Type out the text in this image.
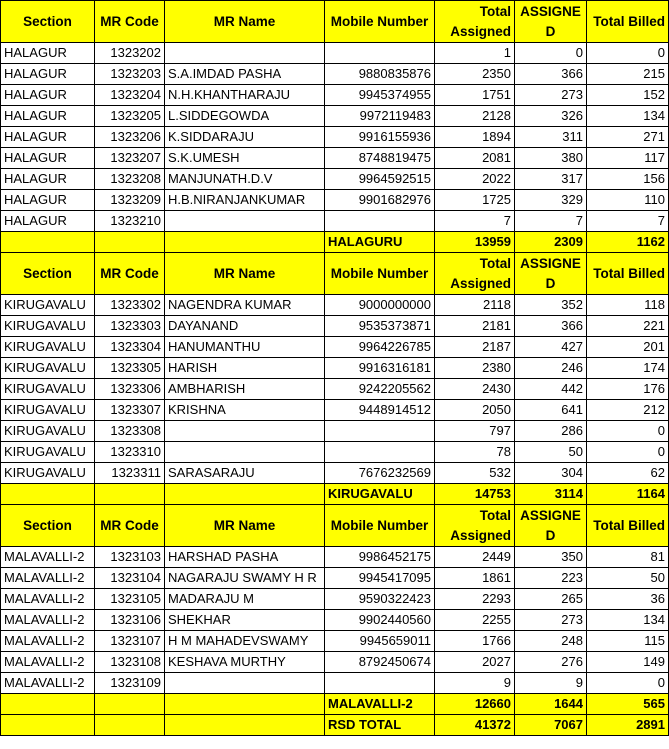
Section	MR Code	MR Name	Mobile Number	Total Assigned	ASSIGNED	Total Billed
HALAGUR	1323202			1	0	0
HALAGUR	1323203	S.A.IMDAD PASHA	9880835876	2350	366	215
HALAGUR	1323204	N.H.KHANTHARAJU	9945374955	1751	273	152
HALAGUR	1323205	L.SIDDEGOWDA	9972119483	2128	326	134
HALAGUR	1323206	K.SIDDARAJU	9916155936	1894	311	271
HALAGUR	1323207	S.K.UMESH	8748819475	2081	380	117
HALAGUR	1323208	MANJUNATH.D.V	9964592515	2022	317	156
HALAGUR	1323209	H.B.NIRANJANKUMAR	9901682976	1725	329	110
HALAGUR	1323210			7	7	7
			HALAGURU	13959	2309	1162
Section	MR Code	MR Name	Mobile Number	Total Assigned	ASSIGNED	Total Billed
KIRUGAVALU	1323302	NAGENDRA KUMAR	9000000000	2118	352	118
KIRUGAVALU	1323303	DAYANAND	9535373871	2181	366	221
KIRUGAVALU	1323304	HANUMANTHU	9964226785	2187	427	201
KIRUGAVALU	1323305	HARISH	9916316181	2380	246	174
KIRUGAVALU	1323306	AMBHARISH	9242205562	2430	442	176
KIRUGAVALU	1323307	KRISHNA	9448914512	2050	641	212
KIRUGAVALU	1323308			797	286	0
KIRUGAVALU	1323310			78	50	0
KIRUGAVALU	1323311	SARASARAJU	7676232569	532	304	62
			KIRUGAVALU	14753	3114	1164
Section	MR Code	MR Name	Mobile Number	Total Assigned	ASSIGNED	Total Billed
MALAVALLI-2	1323103	HARSHAD PASHA	9986452175	2449	350	81
MALAVALLI-2	1323104	NAGARAJU SWAMY H R	9945417095	1861	223	50
MALAVALLI-2	1323105	MADARAJU M	9590322423	2293	265	36
MALAVALLI-2	1323106	SHEKHAR	9902440560	2255	273	134
MALAVALLI-2	1323107	H M MAHADEVSWAMY	9945659011	1766	248	115
MALAVALLI-2	1323108	KESHAVA MURTHY	8792450674	2027	276	149
MALAVALLI-2	1323109			9	9	0
			MALAVALLI-2	12660	1644	565
			RSD TOTAL	41372	7067	2891
